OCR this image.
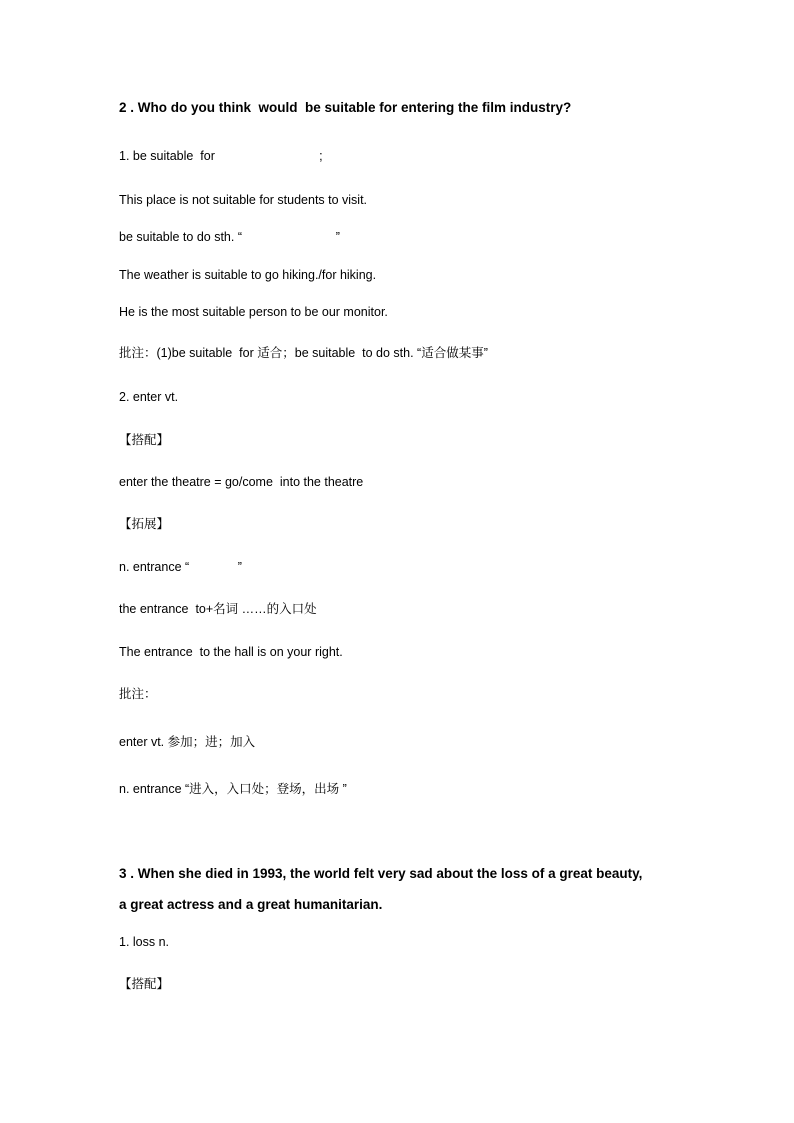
2 . Who do you think  would  be suitable for entering the film industry?
1. be suitable  for                              ;
This place is not suitable for students to visit.
be suitable to do sth. “                           ”
The weather is suitable to go hiking./for hiking.
He is the most suitable person to be our monitor.
批注：(1)be suitable  for 适合；be suitable  to do sth. “适合做某事”
2. enter vt.
【搭配】
enter the theatre = go/come  into the theatre
【拓展】
n. entrance “              ”
the entrance  to+名词 ……的入口处
The entrance  to the hall is on your right.
批注：
enter vt. 参加；进；加入
n. entrance “进入，入口处；登场，出场 ”
3 . When she died in 1993, the world felt very sad about the loss of a great beauty,
a great actress and a great humanitarian.
1. loss n.
【搭配】
